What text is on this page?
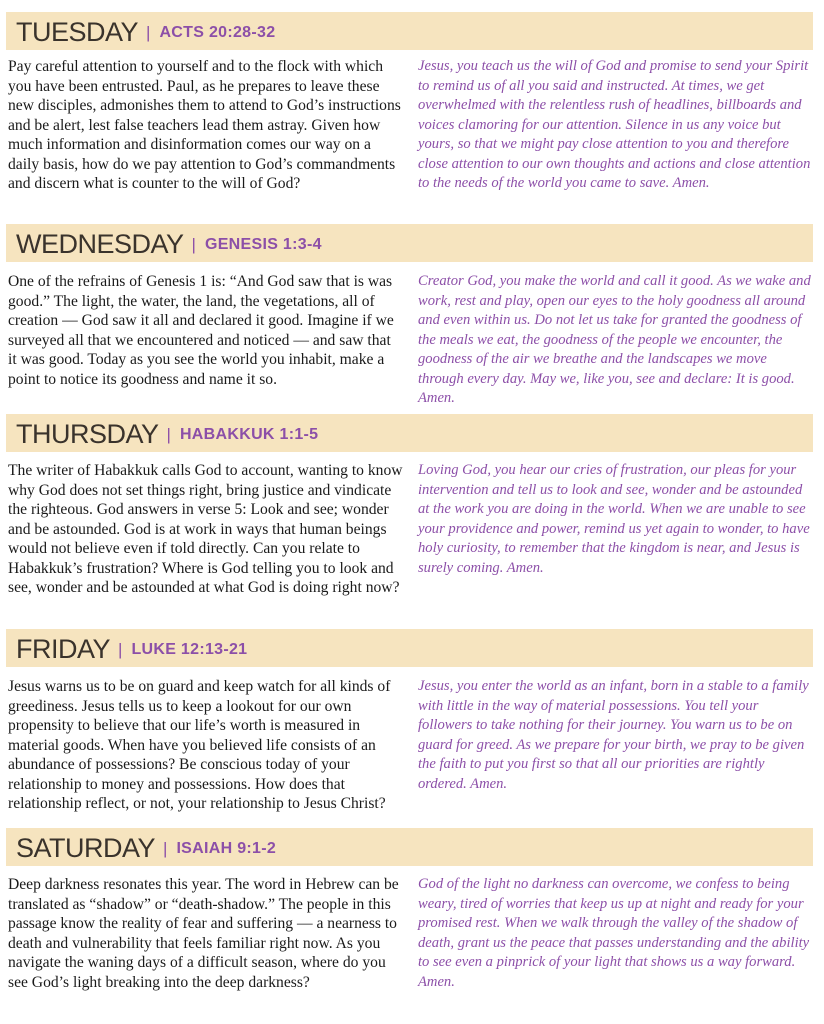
TUESDAY | ACTS 20:28-32

Pay careful attention to yourself and to the flock with which you have been entrusted. Paul, as he prepares to leave these new disciples, admonishes them to attend to God’s instructions and be alert, lest false teachers lead them astray. Given how much information and disinformation comes our way on a daily basis, how do we pay attention to God’s commandments and discern what is counter to the will of God?

Jesus, you teach us the will of God and promise to send your Spirit to remind us of all you said and instructed. At times, we get overwhelmed with the relentless rush of headlines, billboards and voices clamoring for our attention. Silence in us any voice but yours, so that we might pay close attention to you and therefore close attention to our own thoughts and actions and close attention to the needs of the world you came to save. Amen.

WEDNESDAY | GENESIS 1:3-4

One of the refrains of Genesis 1 is: “And God saw that is was good.” The light, the water, the land, the vegetations, all of creation — God saw it all and declared it good. Imagine if we surveyed all that we encountered and noticed — and saw that it was good. Today as you see the world you inhabit, make a point to notice its goodness and name it so.

Creator God, you make the world and call it good. As we wake and work, rest and play, open our eyes to the holy goodness all around and even within us. Do not let us take for granted the goodness of the meals we eat, the goodness of the people we encounter, the goodness of the air we breathe and the landscapes we move through every day. May we, like you, see and declare: It is good. Amen.

THURSDAY | HABAKKUK 1:1-5

The writer of Habakkuk calls God to account, wanting to know why God does not set things right, bring justice and vindicate the righteous. God answers in verse 5: Look and see; wonder and be astounded. God is at work in ways that human beings would not believe even if told directly. Can you relate to Habakkuk’s frustration? Where is God telling you to look and see, wonder and be astounded at what God is doing right now?

Loving God, you hear our cries of frustration, our pleas for your intervention and tell us to look and see, wonder and be astounded at the work you are doing in the world. When we are unable to see your providence and power, remind us yet again to wonder, to have holy curiosity, to remember that the kingdom is near, and Jesus is surely coming. Amen.

FRIDAY | LUKE 12:13-21

Jesus warns us to be on guard and keep watch for all kinds of greediness. Jesus tells us to keep a lookout for our own propensity to believe that our life’s worth is measured in material goods. When have you believed life consists of an abundance of possessions? Be conscious today of your relationship to money and possessions. How does that relationship reflect, or not, your relationship to Jesus Christ?

Jesus, you enter the world as an infant, born in a stable to a family with little in the way of material possessions. You tell your followers to take nothing for their journey. You warn us to be on guard for greed. As we prepare for your birth, we pray to be given the faith to put you first so that all our priorities are rightly ordered. Amen.

SATURDAY | ISAIAH 9:1-2

Deep darkness resonates this year. The word in Hebrew can be translated as “shadow” or “death-shadow.” The people in this passage know the reality of fear and suffering — a nearness to death and vulnerability that feels familiar right now. As you navigate the waning days of a difficult season, where do you see God’s light breaking into the deep darkness?

God of the light no darkness can overcome, we confess to being weary, tired of worries that keep us up at night and ready for your promised rest. When we walk through the valley of the shadow of death, grant us the peace that passes understanding and the ability to see even a pinprick of your light that shows us a way forward. Amen.
